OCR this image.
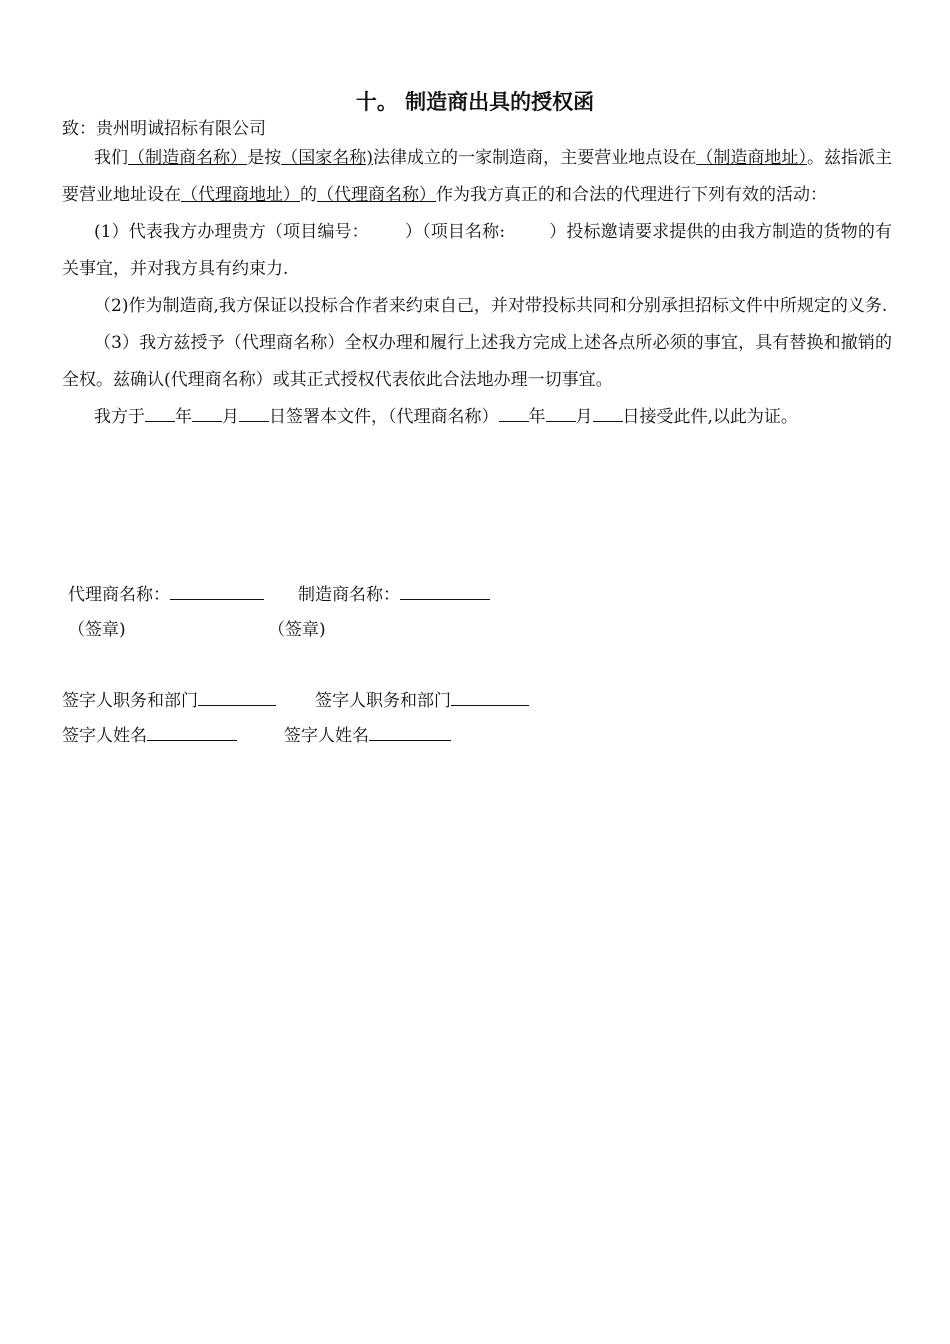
十。 制造商出具的授权函
致：贵州明诚招标有限公司

我们（制造商名称）是按（国家名称)法律成立的一家制造商，主要营业地点设在（制造商地址）。兹指派主要营业地址设在（代理商地址）的（代理商名称）作为我方真正的和合法的代理进行下列有效的活动：

(1）代表我方办理贵方（项目编号： ）（项目名称:	）投标邀请要求提供的由我方制造的货物的有关事宜，并对我方具有约束力.

（2)作为制造商,我方保证以投标合作者来约束自己，并对带投标共同和分别承担招标文件中所规定的义务.

（3）我方兹授予（代理商名称）全权办理和履行上述我方完成上述各点所必须的事宜，具有替换和撤销的全权。兹确认(代理商名称）或其正式授权代表依此合法地办理一切事宜。

我方于 年 月 日签署本文件，（代理商名称） 年 月 日接受此件,以此为证。

代理商名称：	制造商名称：
（签章)	（签章)
签字人职务和部门	签字人职务和部门
签字人姓名	签字人姓名
